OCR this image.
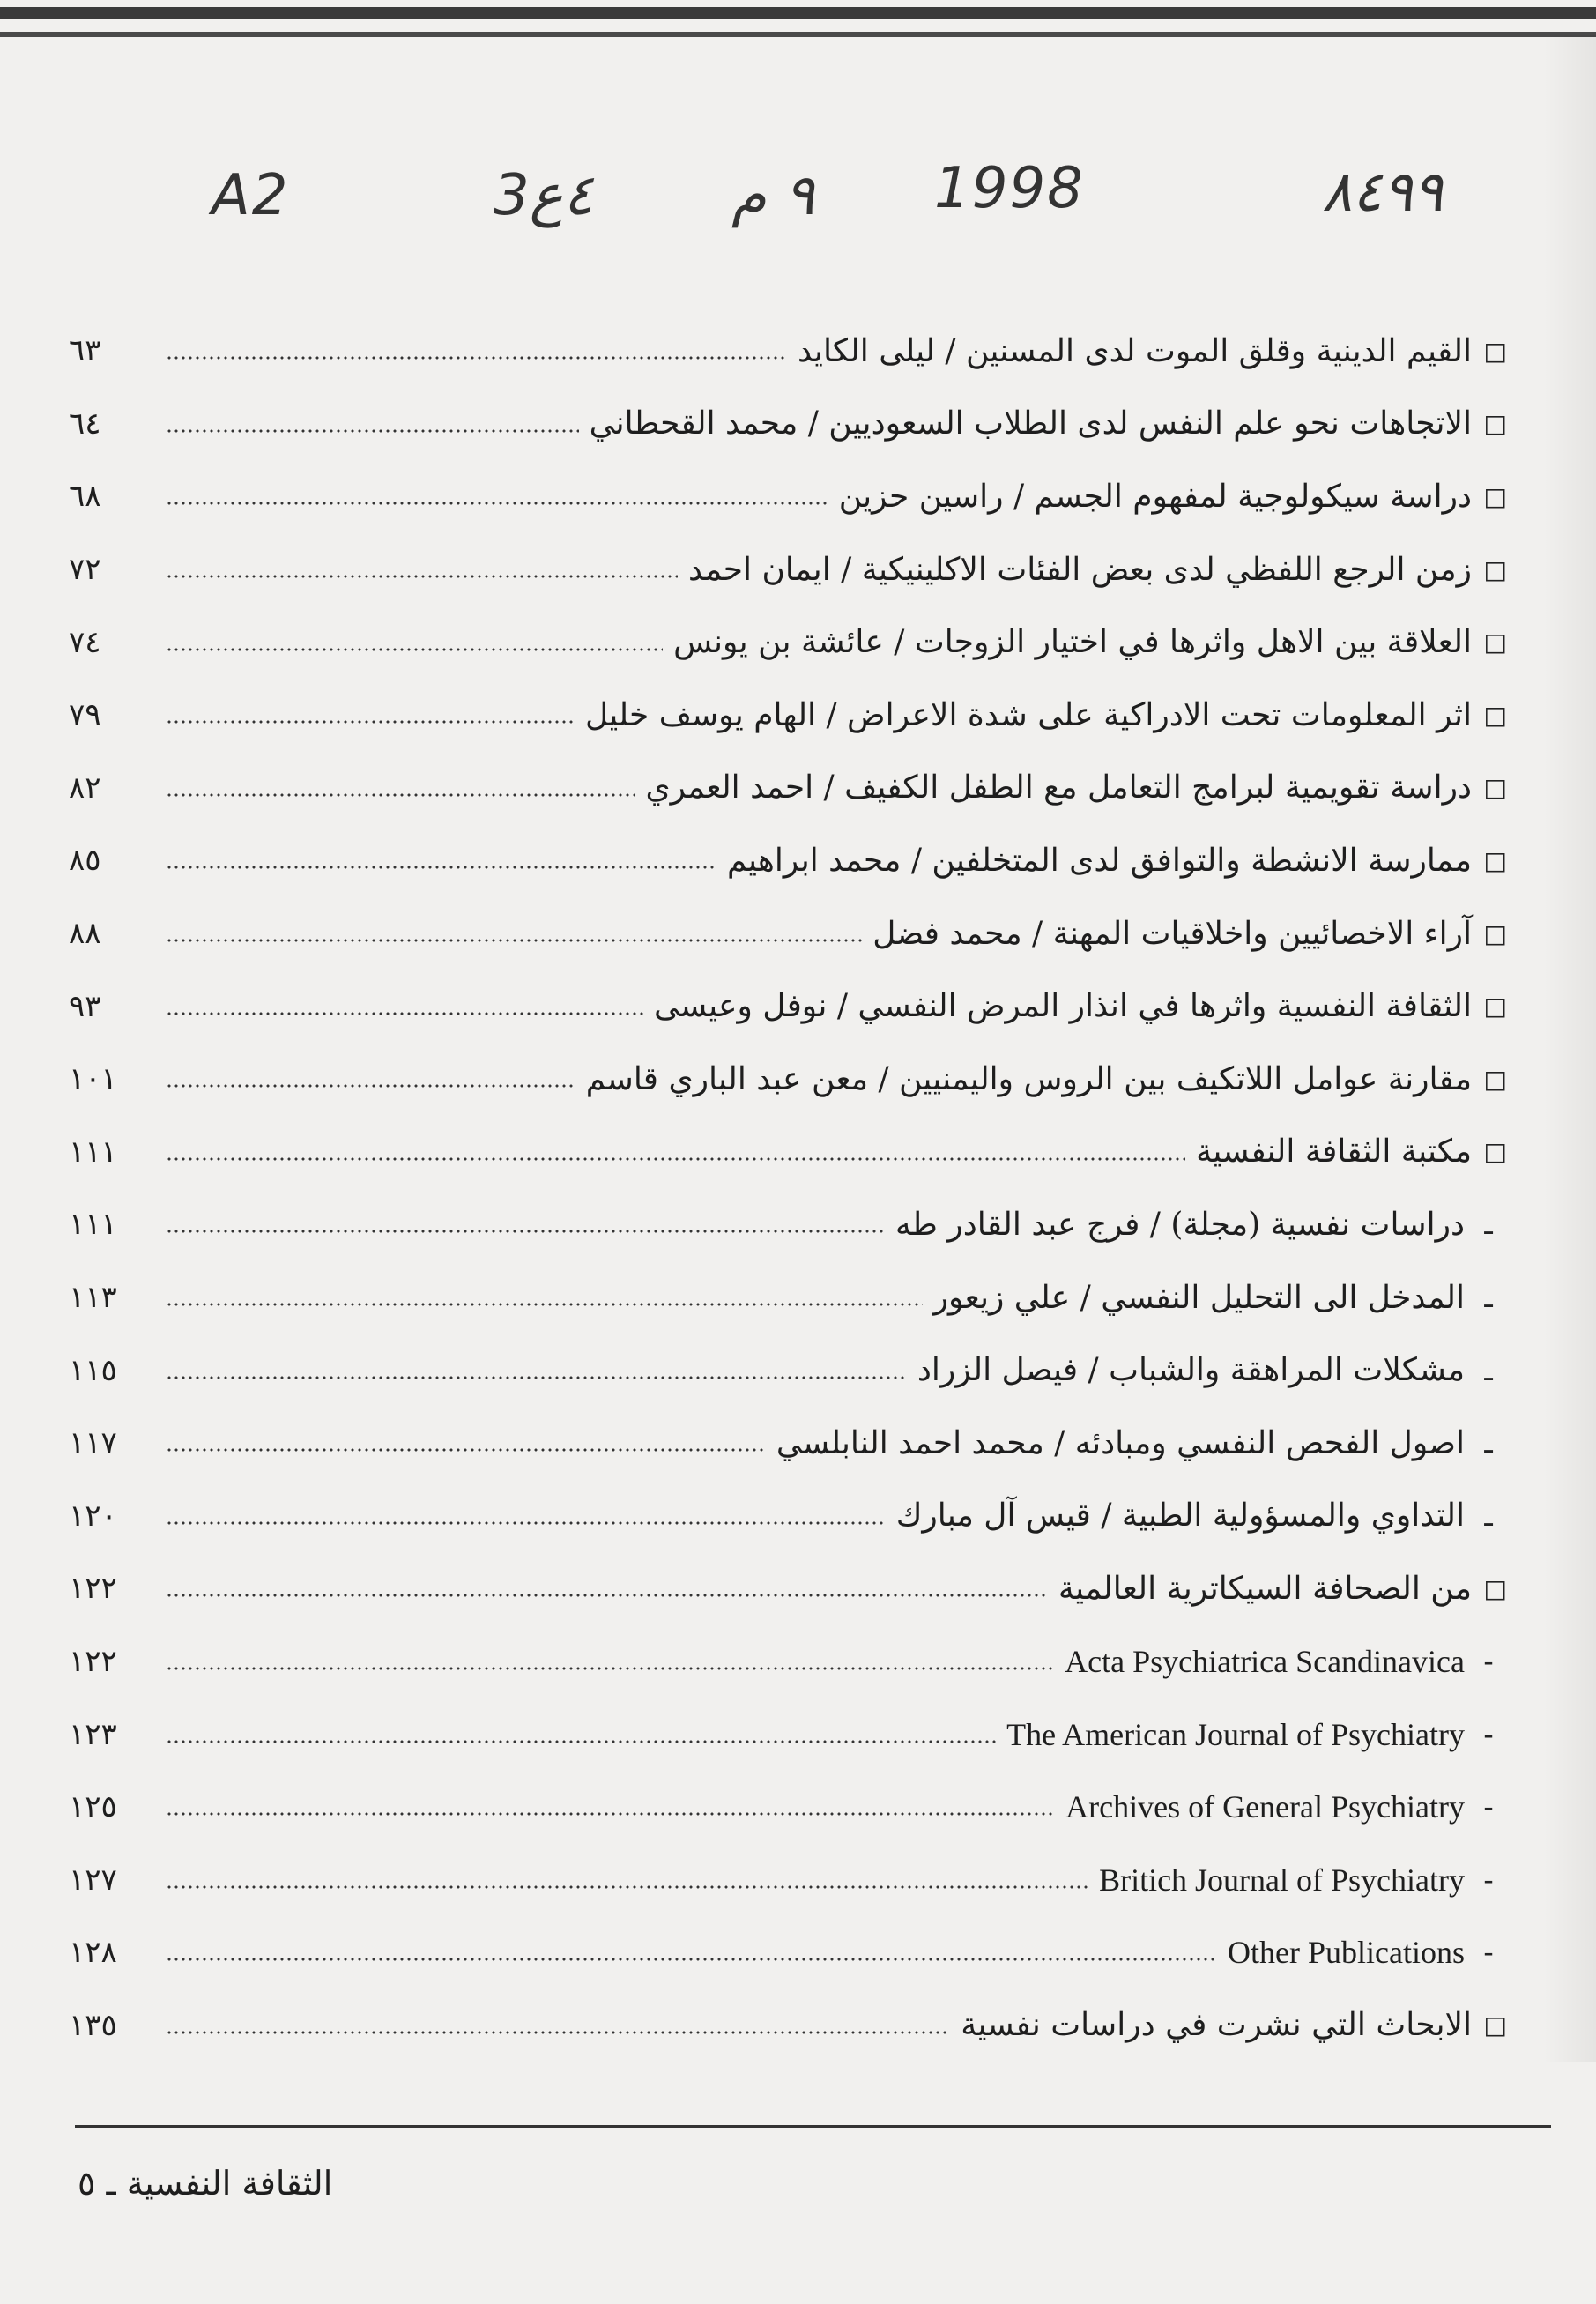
A2	3٤ع ٩ م 1998	٨٤٩٩
□
القيم الدينية وقلق الموت لدى المسنين / ليلى الكايد
٦٣
□
الاتجاهات نحو علم النفس لدى الطلاب السعوديين / محمد القحطاني
٦٤
□
دراسة سيكولوجية لمفهوم الجسم / راسين حزين
٦٨
□
زمن الرجع اللفظي لدى بعض الفئات الاكلينيكية / ايمان احمد
٧٢
□
العلاقة بين الاهل واثرها في اختيار الزوجات / عائشة بن يونس
٧٤
□
اثر المعلومات تحت الادراكية على شدة الاعراض / الهام يوسف خليل
٧٩
□
دراسة تقويمية لبرامج التعامل مع الطفل الكفيف / احمد العمري
٨٢
□
ممارسة الانشطة والتوافق لدى المتخلفين / محمد ابراهيم
٨٥
□
آراء الاخصائيين واخلاقيات المهنة / محمد فضل
٨٨
□
الثقافة النفسية واثرها في انذار المرض النفسي / نوفل وعيسى
٩٣
□
مقارنة عوامل اللاتكيف بين الروس واليمنيين / معن عبد الباري قاسم
١٠١
□
مكتبة الثقافة النفسية
١١١
ـ
دراسات نفسية (مجلة) / فرج عبد القادر طه
١١١
ـ
المدخل الى التحليل النفسي / علي زيعور
١١٣
ـ
مشكلات المراهقة والشباب / فيصل الزراد
١١٥
ـ
اصول الفحص النفسي ومبادئه / محمد احمد النابلسي
١١٧
ـ
التداوي والمسؤولية الطبية / قيس آل مبارك
١٢٠
□
من الصحافة السيكاترية العالمية
١٢٢
-
Acta Psychiatrica Scandinavica
١٢٢
-
The American Journal of Psychiatry
١٢٣
-
Archives of General Psychiatry
١٢٥
-
Britich Journal of Psychiatry
١٢٧
-
Other Publications
١٢٨
□
الابحاث التي نشرت في دراسات نفسية
١٣٥
الثقافة النفسية ـ ٥
